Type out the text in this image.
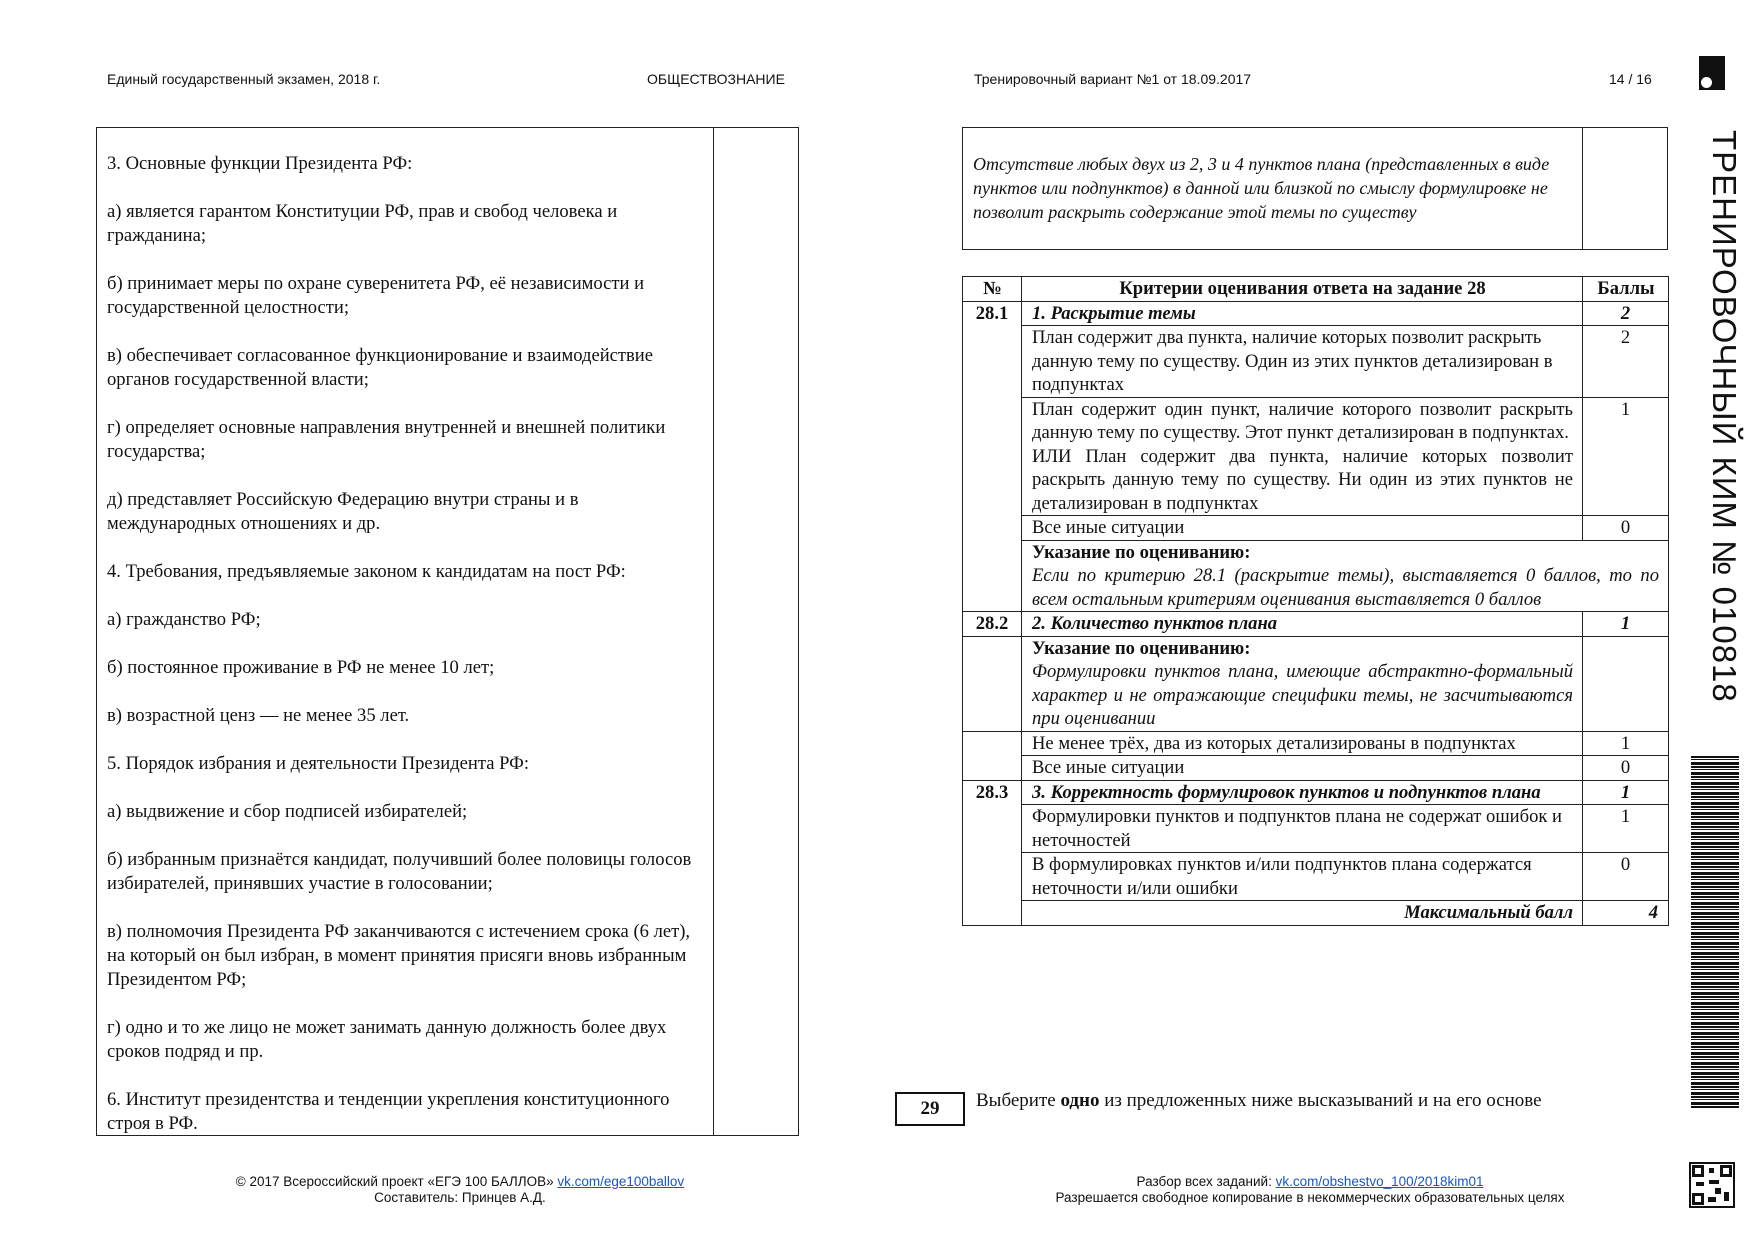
Единый государственный экзамен, 2018 г.	ОБЩЕСТВОЗНАНИЕ	Тренировочный вариант №1 от 18.09.2017	14 / 16

3. Основные функции Президента РФ:

а) является гарантом Конституции РФ, прав и свобод человека и гражданина;

б) принимает меры по охране суверенитета РФ, её независимости и государственной целостности;

в) обеспечивает согласованное функционирование и взаимодействие органов государственной власти;

г) определяет основные направления внутренней и внешней политики государства;

д) представляет Российскую Федерацию внутри страны и в международных отношениях и др.

4. Требования, предъявляемые законом к кандидатам на пост РФ:

а) гражданство РФ;

б) постоянное проживание в РФ не менее 10 лет;

в) возрастной ценз — не менее 35 лет.

5. Порядок избрания и деятельности Президента РФ:

а) выдвижение и сбор подписей избирателей;

б) избранным признаётся кандидат, получивший более половицы голосов избирателей, принявших участие в голосовании;

в) полномочия Президента РФ заканчиваются с истечением срока (6 лет), на который он был избран, в момент принятия присяги вновь избранным Президентом РФ;

г) одно и то же лицо не может занимать данную должность более двух сроков подряд и пр.

6. Институт президентства и тенденции укрепления конституционного строя в РФ.

Отсутствие любых двух из 2, 3 и 4 пунктов плана (представленных в виде пунктов или подпунктов) в данной или близкой по смыслу формулировке не позволит раскрыть содержание этой темы по существу
№	Критерии оценивания ответа на задание 28	Баллы
28.1	1. Раскрытие темы	2
	План содержит два пункта, наличие которых позволит раскрыть данную тему по существу. Один из этих пунктов детализирован в подпунктах	2

	План содержит один пункт, наличие которого позволит раскрыть данную тему по существу. Этот пункт детализирован в подпунктах.
ИЛИ План содержит два пункта, наличие которых позволит раскрыть данную тему по существу. Ни один из этих пунктов не детализирован в подпунктах	1
	Все иные ситуации	0

	Указание по оцениванию:
Если по критерию 28.1 (раскрытие темы), выставляется 0 баллов, то по всем остальным критериям оценивания выставляется 0 баллов	

28.2	2. Количество пунктов плана	1

	Указание по оцениванию:
Формулировки пунктов плана, имеющие абстрактно-формальный характер и не отражающие специфики темы, не засчитываются при оценивании	

	Не менее трёх, два из которых детализированы в подпунктах	1
	Все иные ситуации	0
28.3	3. Корректность формулировок пунктов и подпунктов плана	1
	Формулировки пунктов и подпунктов плана не содержат ошибок и неточностей	1
	В формулировках пунктов и/или подпунктов плана содержатся неточности и/или ошибки	0
	Максимальный балл	4
29	Выберите одно из предложенных ниже высказываний и на его основе
© 2017 Всероссийский проект «ЕГЭ 100 БАЛЛОВ» vk.com/ege100ballov
Составитель: Принцев А.Д.
Разбор всех заданий: vk.com/obshestvo_100/2018kim01
Разрешается свободное копирование в некоммерческих образовательных целях
ТРЕНИРОВОЧНЫЙ КИМ № 010818
